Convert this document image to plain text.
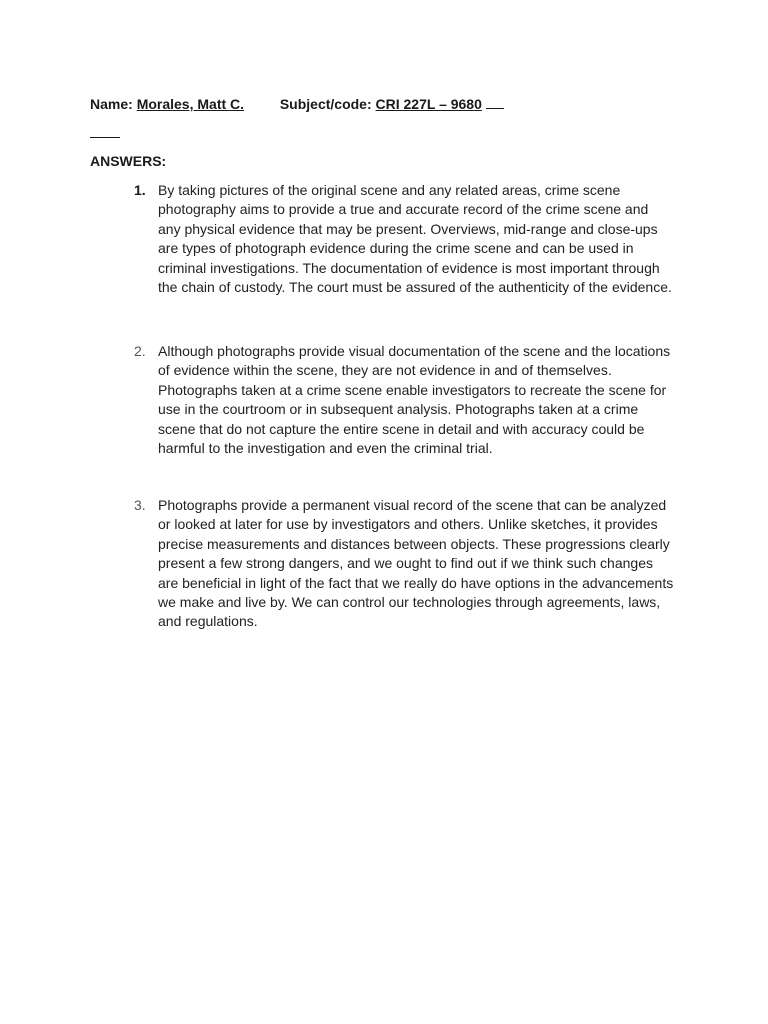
Name: Morales, Matt C.	Subject/code: CRI 227L – 9680
ANSWERS:
1. By taking pictures of the original scene and any related areas, crime scene photography aims to provide a true and accurate record of the crime scene and any physical evidence that may be present. Overviews, mid-range and close-ups are types of photograph evidence during the crime scene and can be used in criminal investigations. The documentation of evidence is most important through the chain of custody. The court must be assured of the authenticity of the evidence.
2. Although photographs provide visual documentation of the scene and the locations of evidence within the scene, they are not evidence in and of themselves. Photographs taken at a crime scene enable investigators to recreate the scene for use in the courtroom or in subsequent analysis. Photographs taken at a crime scene that do not capture the entire scene in detail and with accuracy could be harmful to the investigation and even the criminal trial.
3. Photographs provide a permanent visual record of the scene that can be analyzed or looked at later for use by investigators and others. Unlike sketches, it provides precise measurements and distances between objects. These progressions clearly present a few strong dangers, and we ought to find out if we think such changes are beneficial in light of the fact that we really do have options in the advancements we make and live by. We can control our technologies through agreements, laws, and regulations.
